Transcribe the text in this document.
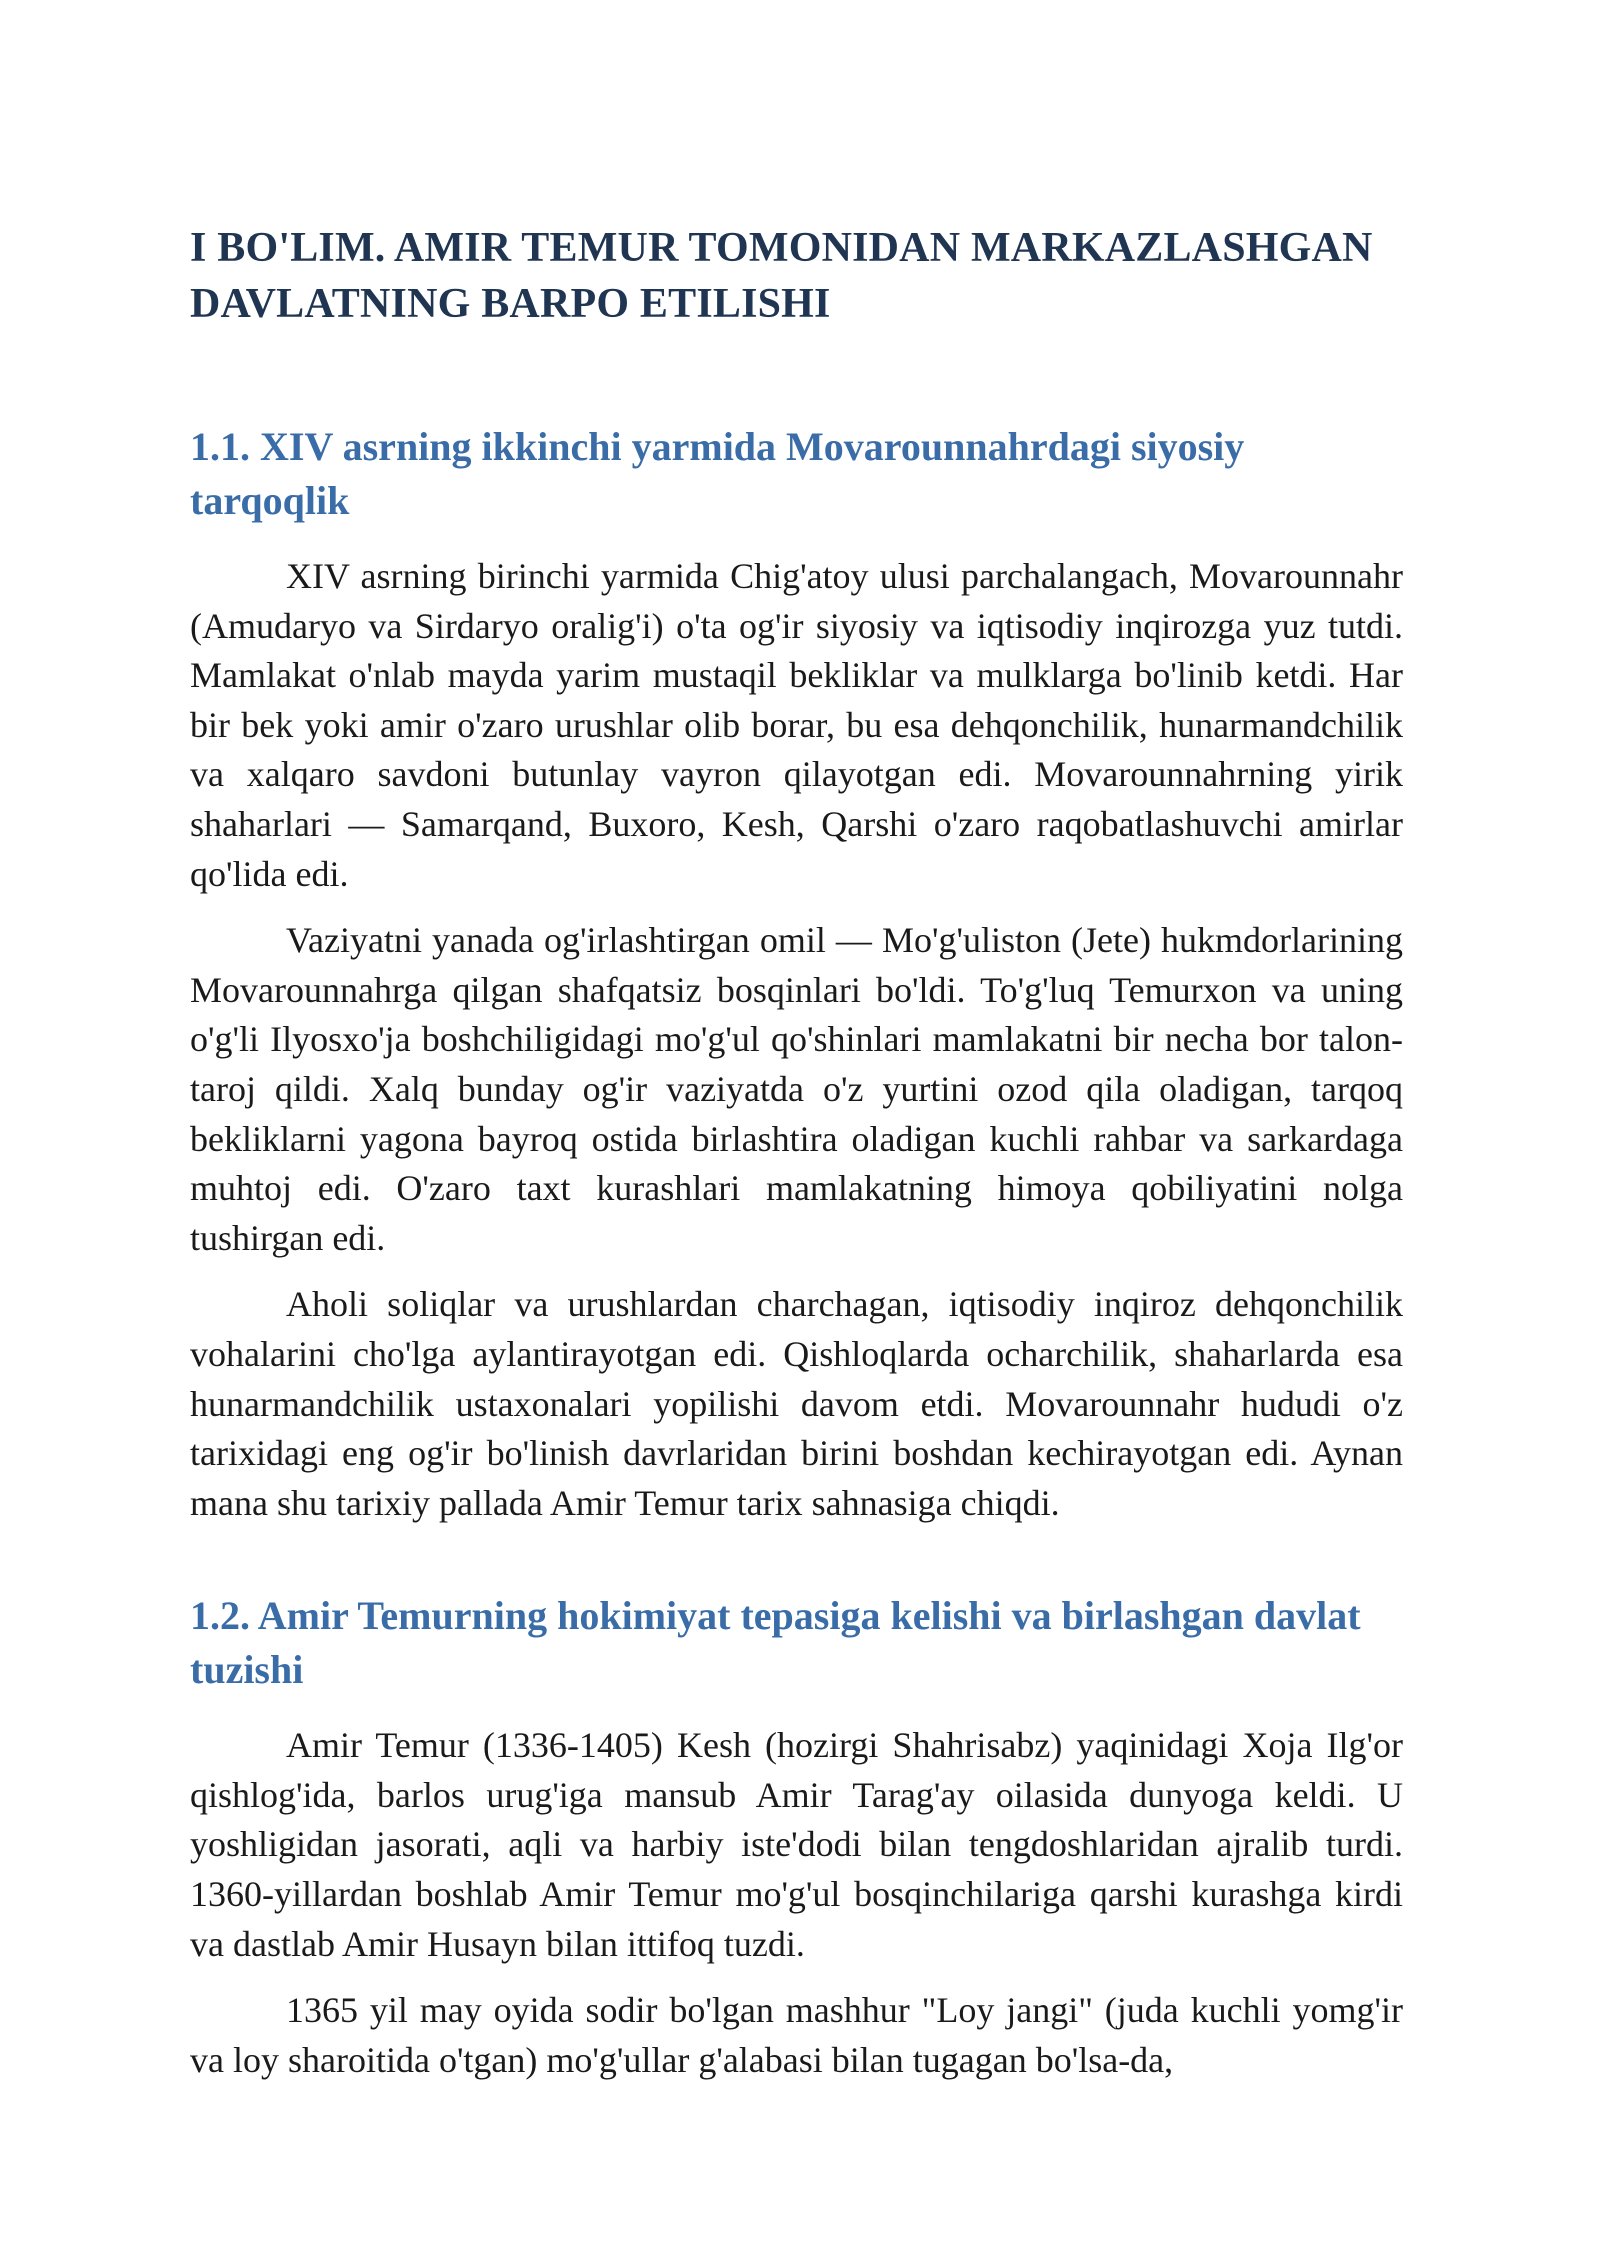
I BO'LIM. AMIR TEMUR TOMONIDAN MARKAZLASHGAN DAVLATNING BARPO ETILISHI
1.1. XIV asrning ikkinchi yarmida Movarounnahrdagi siyosiy tarqoqlik

XIV asrning birinchi yarmida Chig'atoy ulusi parchalangach, Movarounnahr (Amudaryo va Sirdaryo oralig'i) o'ta og'ir siyosiy va iqtisodiy inqirozga yuz tutdi. Mamlakat o'nlab mayda yarim mustaqil bekliklar va mulklarga bo'linib ketdi. Har bir bek yoki amir o'zaro urushlar olib borar, bu esa dehqonchilik, hunarmandchilik va xalqaro savdoni butunlay vayron qilayotgan edi. Movarounnahrning yirik shaharlari — Samarqand, Buxoro, Kesh, Qarshi o'zaro raqobatlashuvchi amirlar qo'lida edi.

Vaziyatni yanada og'irlashtirgan omil — Mo'g'uliston (Jete) hukmdorlarining Movarounnahrga qilgan shafqatsiz bosqinlari bo'ldi. To'g'luq Temurxon va uning o'g'li Ilyosxo'ja boshchiligidagi mo'g'ul qo'shinlari mamlakatni bir necha bor talon-taroj qildi. Xalq bunday og'ir vaziyatda o'z yurtini ozod qila oladigan, tarqoq bekliklarni yagona bayroq ostida birlashtira oladigan kuchli rahbar va sarkardaga muhtoj edi. O'zaro taxt kurashlari mamlakatning himoya qobiliyatini nolga tushirgan edi.

Aholi soliqlar va urushlardan charchagan, iqtisodiy inqiroz dehqonchilik vohalarini cho'lga aylantirayotgan edi. Qishloqlarda ocharchilik, shaharlarda esa hunarmandchilik ustaxonalari yopilishi davom etdi. Movarounnahr hududi o'z tarixidagi eng og'ir bo'linish davrlaridan birini boshdan kechirayotgan edi. Aynan mana shu tarixiy pallada Amir Temur tarix sahnasiga chiqdi.

1.2. Amir Temurning hokimiyat tepasiga kelishi va birlashgan davlat tuzishi

Amir Temur (1336-1405) Kesh (hozirgi Shahrisabz) yaqinidagi Xoja Ilg'or qishlog'ida, barlos urug'iga mansub Amir Tarag'ay oilasida dunyoga keldi. U yoshligidan jasorati, aqli va harbiy iste'dodi bilan tengdoshlaridan ajralib turdi. 1360-yillardan boshlab Amir Temur mo'g'ul bosqinchilariga qarshi kurashga kirdi va dastlab Amir Husayn bilan ittifoq tuzdi.

1365 yil may oyida sodir bo'lgan mashhur "Loy jangi" (juda kuchli yomg'ir va loy sharoitida o'tgan) mo'g'ullar g'alabasi bilan tugagan bo'lsa-da,
